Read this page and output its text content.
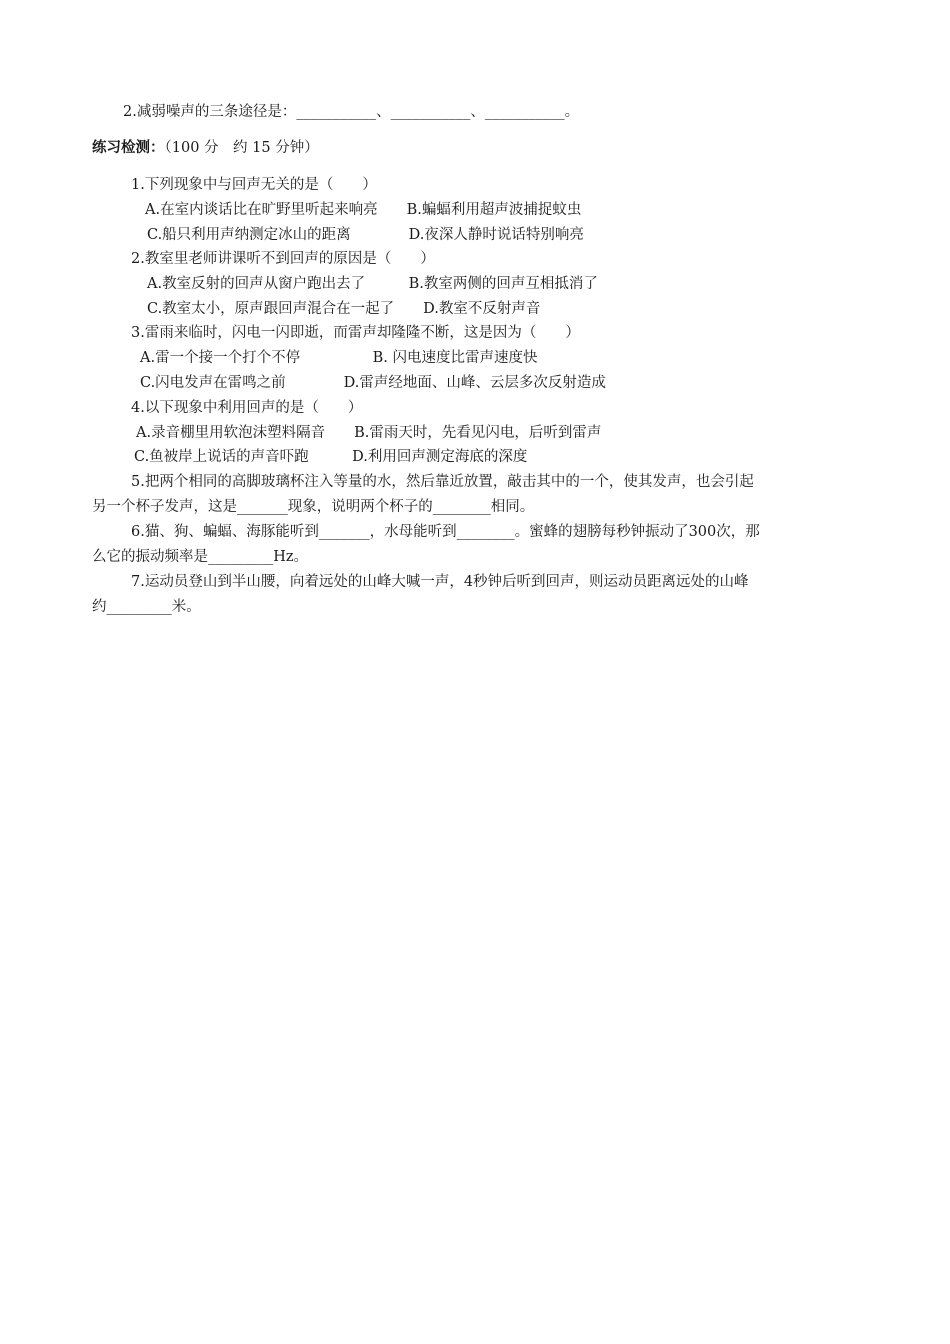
2.减弱噪声的三条途径是：___________、___________、___________。
练习检测：（100 分　约 15 分钟）
1.下列现象中与回声无关的是（　　）
A.在室内谈话比在旷野里听起来响亮　　B.蝙蝠利用超声波捕捉蚊虫
C.船只利用声纳测定冰山的距离　　　　D.夜深人静时说话特别响亮
2.教室里老师讲课听不到回声的原因是（　　）
A.教室反射的回声从窗户跑出去了　　　B.教室两侧的回声互相抵消了
C.教室太小，原声跟回声混合在一起了　　D.教室不反射声音
3.雷雨来临时，闪电一闪即逝，而雷声却隆隆不断，这是因为（　　）
A.雷一个接一个打个不停　　　　　B. 闪电速度比雷声速度快
C.闪电发声在雷鸣之前　　　　D.雷声经地面、山峰、云层多次反射造成
4.以下现象中利用回声的是（　　）
A.录音棚里用软泡沫塑料隔音　　B.雷雨天时，先看见闪电，后听到雷声
C.鱼被岸上说话的声音吓跑　　　D.利用回声测定海底的深度
5.把两个相同的高脚玻璃杯注入等量的水，然后靠近放置，敲击其中的一个，使其发声，也会引起
另一个杯子发声，这是_______现象，说明两个杯子的________相同。
6.猫、狗、蝙蝠、海豚能听到_______，水母能听到________。蜜蜂的翅膀每秒钟振动了300次，那
么它的振动频率是_________Hz。
7.运动员登山到半山腰，向着远处的山峰大喊一声，4秒钟后听到回声，则运动员距离远处的山峰
约_________米。
